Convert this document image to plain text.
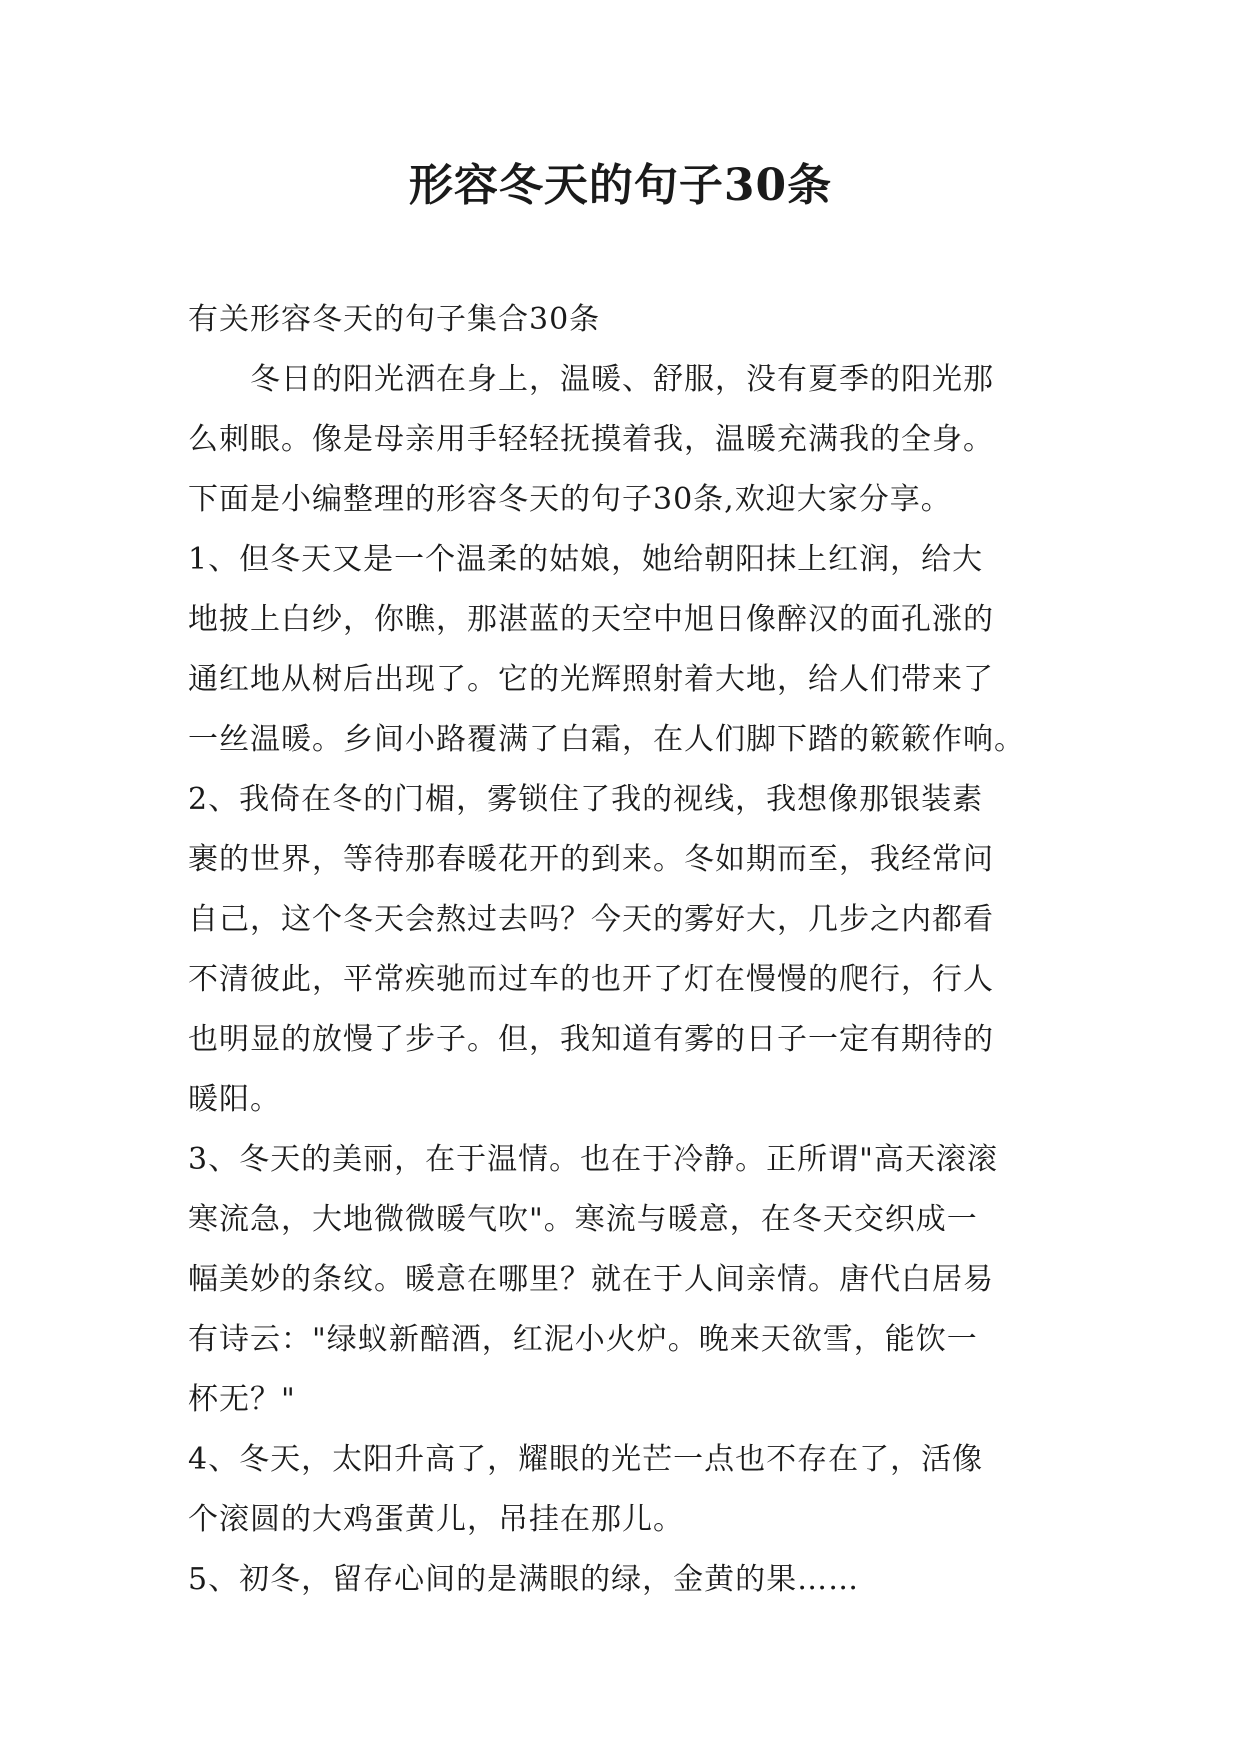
形容冬天的句子30条
有关形容冬天的句子集合30条
冬日的阳光洒在身上，温暖、舒服，没有夏季的阳光那
么刺眼。像是母亲用手轻轻抚摸着我，温暖充满我的全身。
下面是小编整理的形容冬天的句子30条,欢迎大家分享。
1、但冬天又是一个温柔的姑娘，她给朝阳抹上红润，给大
地披上白纱，你瞧，那湛蓝的天空中旭日像醉汉的面孔涨的
通红地从树后出现了。它的光辉照射着大地，给人们带来了
一丝温暖。乡间小路覆满了白霜，在人们脚下踏的簌簌作响。
2、我倚在冬的门楣，雾锁住了我的视线，我想像那银装素
裹的世界，等待那春暖花开的到来。冬如期而至，我经常问
自己，这个冬天会熬过去吗？今天的雾好大，几步之内都看
不清彼此，平常疾驰而过车的也开了灯在慢慢的爬行，行人
也明显的放慢了步子。但，我知道有雾的日子一定有期待的
暖阳。
3、冬天的美丽，在于温情。也在于冷静。正所谓"高天滚滚
寒流急，大地微微暖气吹"。寒流与暖意，在冬天交织成一
幅美妙的条纹。暖意在哪里？就在于人间亲情。唐代白居易
有诗云："绿蚁新醅酒，红泥小火炉。晚来天欲雪，能饮一
杯无？"
4、冬天，太阳升高了，耀眼的光芒一点也不存在了，活像
个滚圆的大鸡蛋黄儿，吊挂在那儿。
5、初冬，留存心间的是满眼的绿，金黄的果……
